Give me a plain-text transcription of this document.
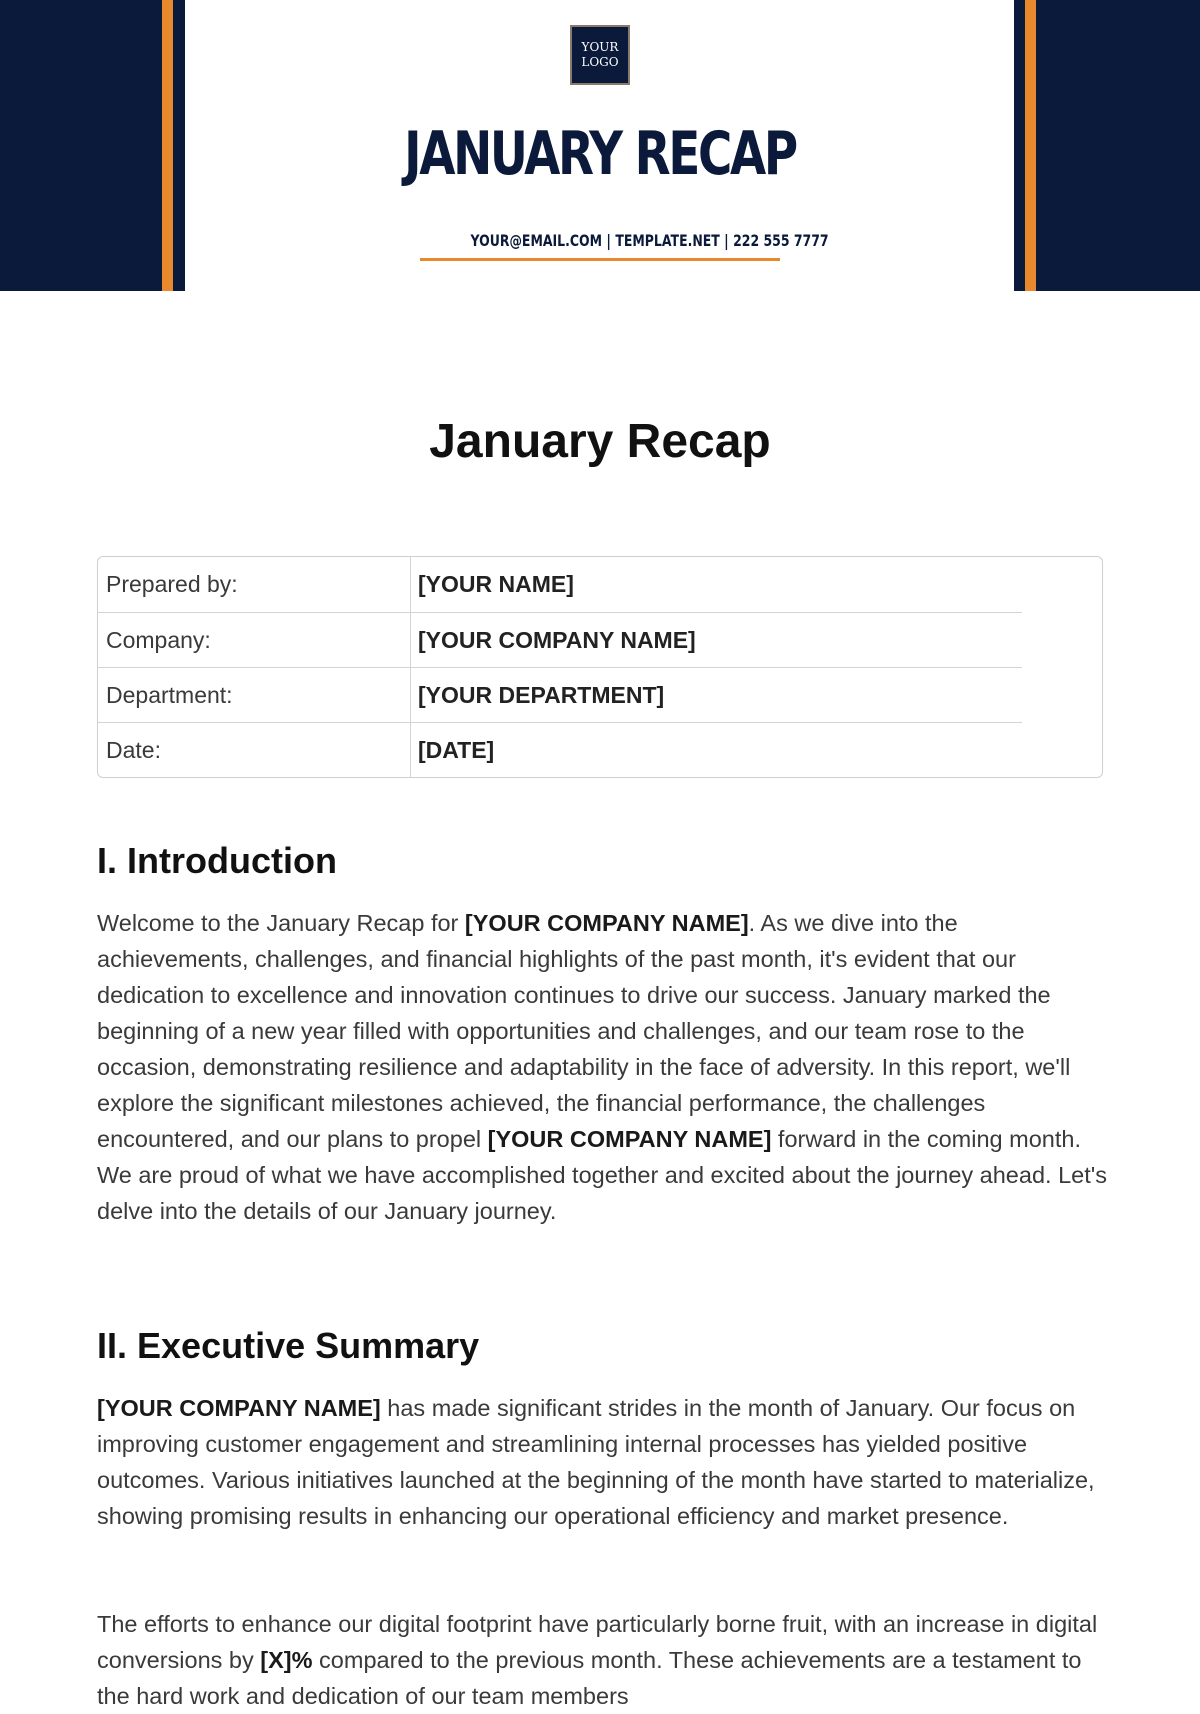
YOUR LOGO
JANUARY RECAP
YOUR@EMAIL.COM | TEMPLATE.NET | 222 555 7777
January Recap
Prepared by:	[YOUR NAME]
Company:	[YOUR COMPANY NAME]
Department:	[YOUR DEPARTMENT]
Date:	[DATE]
I. Introduction
Welcome to the January Recap for [YOUR COMPANY NAME]. As we dive into the achievements, challenges, and financial highlights of the past month, it's evident that our dedication to excellence and innovation continues to drive our success. January marked the beginning of a new year filled with opportunities and challenges, and our team rose to the occasion, demonstrating resilience and adaptability in the face of adversity. In this report, we'll explore the significant milestones achieved, the financial performance, the challenges encountered, and our plans to propel [YOUR COMPANY NAME] forward in the coming month. We are proud of what we have accomplished together and excited about the journey ahead. Let's delve into the details of our January journey.
II. Executive Summary
[YOUR COMPANY NAME] has made significant strides in the month of January. Our focus on improving customer engagement and streamlining internal processes has yielded positive outcomes. Various initiatives launched at the beginning of the month have started to materialize, showing promising results in enhancing our operational efficiency and market presence.
The efforts to enhance our digital footprint have particularly borne fruit, with an increase in digital conversions by [X]% compared to the previous month. These achievements are a testament to the hard work and dedication of our team members
